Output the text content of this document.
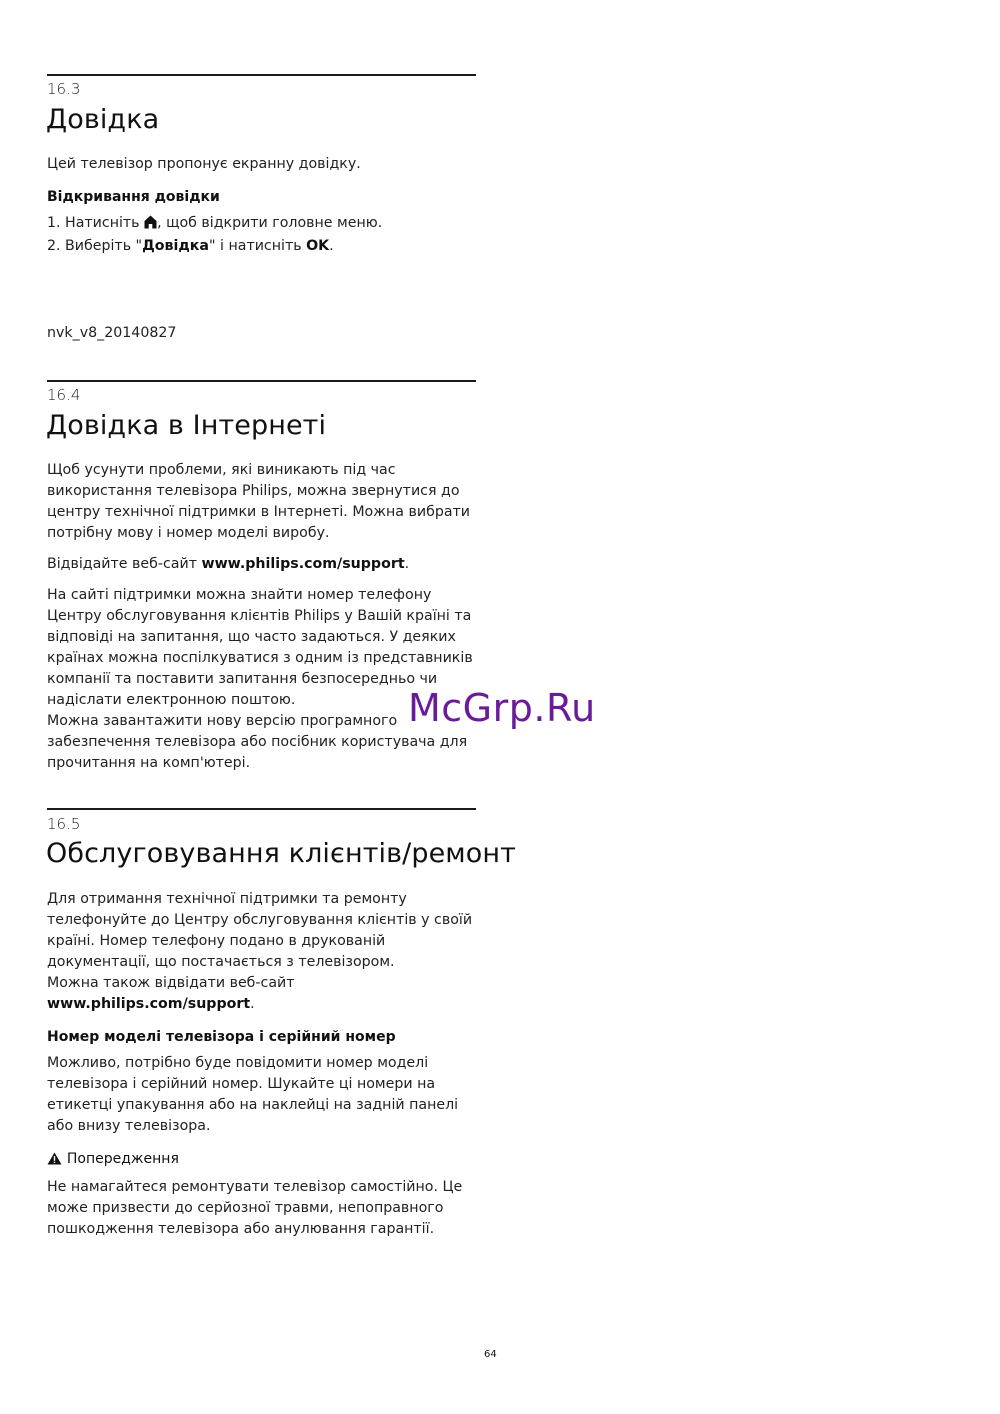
16.3
Довідка

Цей телевізор пропонує екранну довідку.

Відкривання довідки

1. Натисніть , щоб відкрити головне меню.

2. Виберіть "Довідка" і натисніть OK.

nvk_v8_20140827
16.4
Довідка в Інтернеті

Щоб усунути проблеми, які виникають під час використання телевізора Philips, можна звернутися до центру технічної підтримки в Інтернеті. Можна вибрати потрібну мову і номер моделі виробу.

Відвідайте веб-сайт www.philips.com/support.

На сайті підтримки можна знайти номер телефону Центру обслуговування клієнтів Philips у Вашій країні та відповіді на запитання, що часто задаються. У деяких країнах можна поспілкуватися з одним із представників компанії та поставити запитання безпосередньо чи надіслати електронною поштою.

Можна завантажити нову версію програмного забезпечення телевізора або посібник користувача для прочитання на комп'ютері.

16.5
Обслуговування клієнтів/ремонт

Для отримання технічної підтримки та ремонту телефонуйте до Центру обслуговування клієнтів у своїй країні. Номер телефону подано в друкованій документації, що постачається з телевізором.

Можна також відвідати веб-сайт www.philips.com/support.

Номер моделі телевізора і серійний номер

Можливо, потрібно буде повідомити номер моделі телевізора і серійний номер. Шукайте ці номери на етикетці упакування або на наклейці на задній панелі або внизу телевізора.

Попередження

Не намагайтеся ремонтувати телевізор самостійно. Це може призвести до серйозної травми, непоправного пошкодження телевізора або анулювання гарантії.

McGrp.Ru
64
